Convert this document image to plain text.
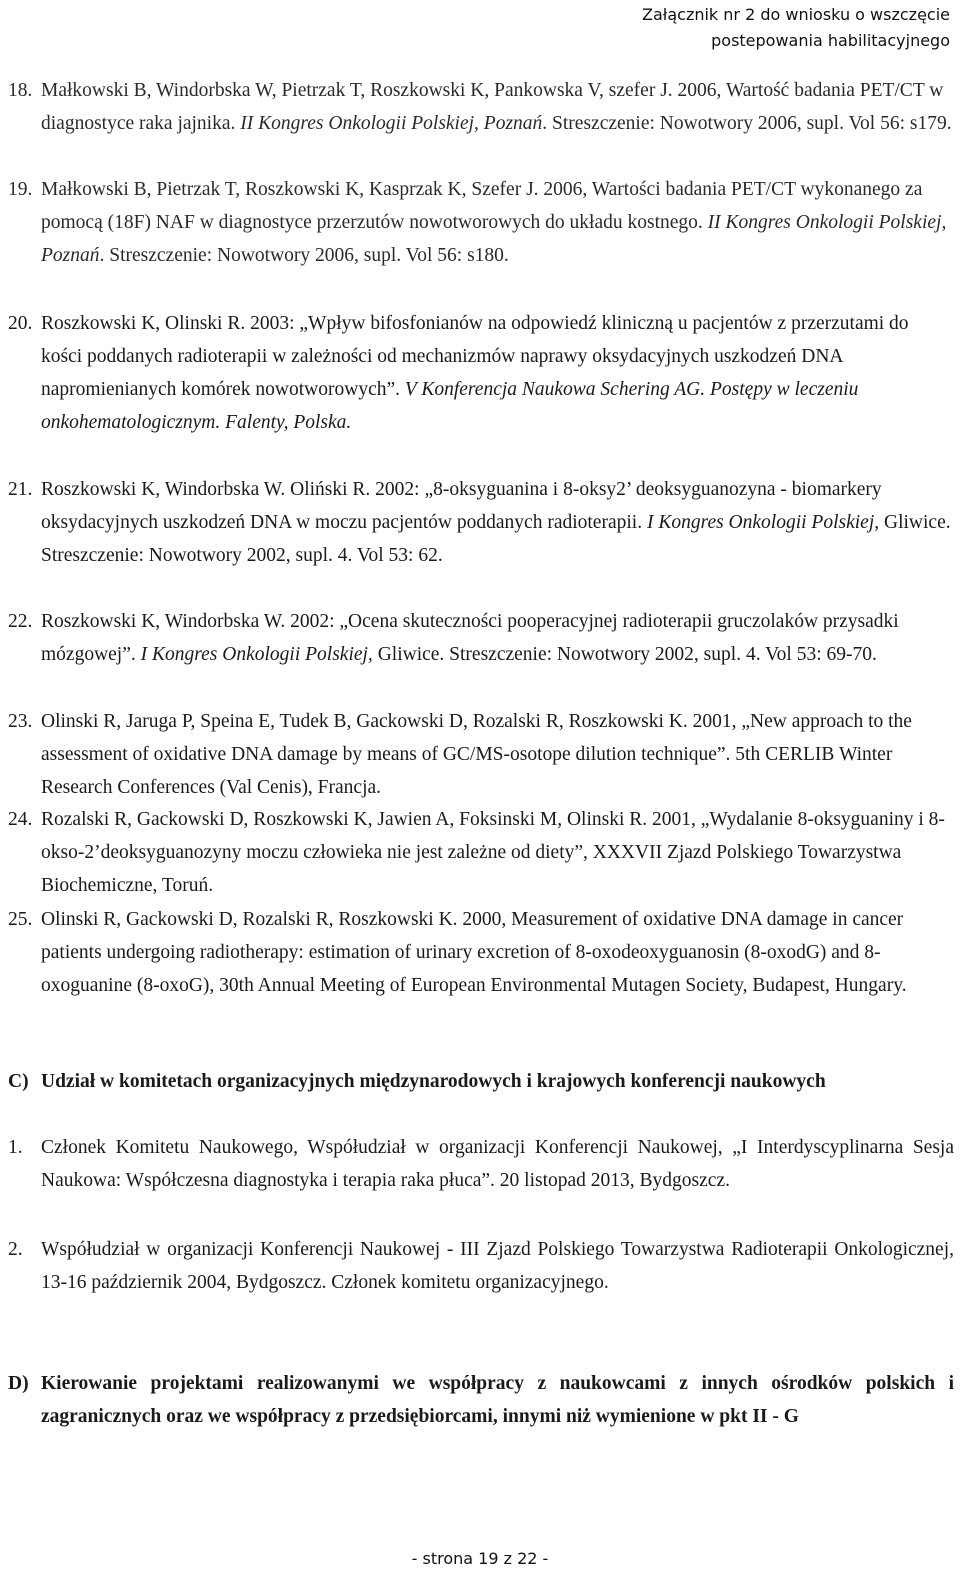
Załącznik nr 2 do wniosku o wszczęcie
postepowania habilitacyjnego
18. Małkowski B, Windorbska W, Pietrzak T, Roszkowski K, Pankowska V, szefer J. 2006, Wartość badania PET/CT w diagnostyce raka jajnika. II Kongres Onkologii Polskiej, Poznań. Streszczenie: Nowotwory 2006, supl. Vol 56: s179.
19. Małkowski B, Pietrzak T, Roszkowski K, Kasprzak K, Szefer J. 2006, Wartości badania PET/CT wykonanego za pomocą (18F) NAF w diagnostyce przerzutów nowotworowych do układu kostnego. II Kongres Onkologii Polskiej, Poznań. Streszczenie: Nowotwory 2006, supl. Vol 56: s180.
20. Roszkowski K, Olinski R. 2003: „Wpływ bifosfonianów na odpowiedź kliniczną u pacjentów z przerzutami do kości poddanych radioterapii w zależności od mechanizmów naprawy oksydacyjnych uszkodzeń DNA napromienianych komórek nowotworowych”. V Konferencja Naukowa Schering AG. Postępy w leczeniu onkohematologicznym. Falenty, Polska.
21. Roszkowski K, Windorbska W. Oliński R. 2002: „8-oksyguanina i 8-oksy2’ deoksyguanozyna - biomarkery oksydacyjnych uszkodzeń DNA w moczu pacjentów poddanych radioterapii. I Kongres Onkologii Polskiej, Gliwice. Streszczenie: Nowotwory 2002, supl. 4. Vol 53: 62.
22. Roszkowski K, Windorbska W. 2002: „Ocena skuteczności pooperacyjnej radioterapii gruczolaków przysadki mózgowej”. I Kongres Onkologii Polskiej, Gliwice. Streszczenie: Nowotwory 2002, supl. 4. Vol 53: 69-70.
23. Olinski R, Jaruga P, Speina E, Tudek B, Gackowski D, Rozalski R, Roszkowski K. 2001, „New approach to the assessment of oxidative DNA damage by means of GC/MS-osotope dilution technique”. 5th CERLIB Winter Research Conferences (Val Cenis), Francja.
24. Rozalski R, Gackowski D, Roszkowski K, Jawien A, Foksinski M, Olinski R. 2001, „Wydalanie 8-oksyguaniny i 8-okso-2’deoksyguanozyny moczu człowieka nie jest zależne od diety”, XXXVII Zjazd Polskiego Towarzystwa Biochemiczne, Toruń.
25. Olinski R, Gackowski D, Rozalski R, Roszkowski K. 2000, Measurement of oxidative DNA damage in cancer patients undergoing radiotherapy: estimation of urinary excretion of 8-oxodeoxyguanosin (8-oxodG) and 8-oxoguanine (8-oxoG), 30th Annual Meeting of European Environmental Mutagen Society, Budapest, Hungary.
C) Udział w komitetach organizacyjnych międzynarodowych i krajowych konferencji naukowych
1. Członek Komitetu Naukowego, Współudział w organizacji Konferencji Naukowej, „I Interdyscyplinarna Sesja Naukowa: Współczesna diagnostyka i terapia raka płuca”. 20 listopad 2013, Bydgoszcz.
2. Współudział w organizacji Konferencji Naukowej - III Zjazd Polskiego Towarzystwa Radioterapii Onkologicznej, 13-16 październik 2004, Bydgoszcz. Członek komitetu organizacyjnego.
D) Kierowanie projektami realizowanymi we współpracy z naukowcami z innych ośrodków polskich i zagranicznych oraz we współpracy z przedsiębiorcami, innymi niż wymienione w pkt II - G
- strona 19 z 22 -
